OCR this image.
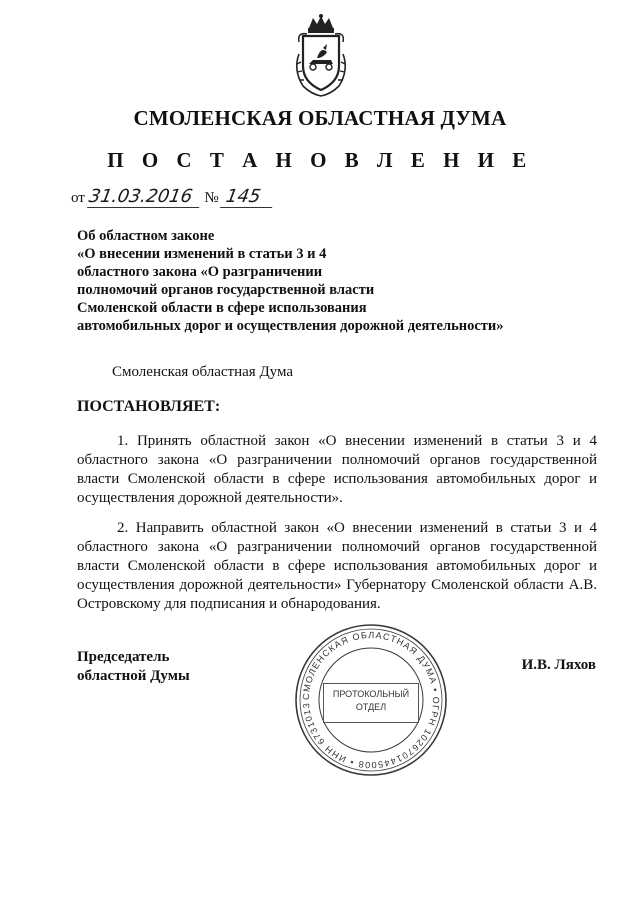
СМОЛЕНСКАЯ ОБЛАСТНАЯ ДУМА
П О С Т А Н О В Л Е Н И Е
от 31.03.2016 № 145
Об областном законе
«О внесении изменений в статьи 3 и 4
областного закона «О разграничении
полномочий органов государственной власти
Смоленской области в сфере использования
автомобильных дорог и осуществления дорожной деятельности»
Смоленская областная Дума
ПОСТАНОВЛЯЕТ:
1. Принять областной закон «О внесении изменений в статьи 3 и 4 областного закона «О разграничении полномочий органов государственной власти Смоленской области в сфере использования автомобильных дорог и осуществления дорожной деятельности».
2. Направить областной закон «О внесении изменений в статьи 3 и 4 областного закона «О разграничении полномочий органов государственной власти Смоленской области в сфере использования автомобильных дорог и осуществления дорожной деятельности» Губернатору Смоленской области А.В. Островскому для подписания и обнародования.
Председатель
областной Думы
СМОЛЕНСКАЯ ОБЛАСТНАЯ ДУМА • ОГРН 1026701445008 • ИНН 6731013
ПРОТОКОЛЬНЫЙ
ОТДЕЛ
И.В. Ляхов
